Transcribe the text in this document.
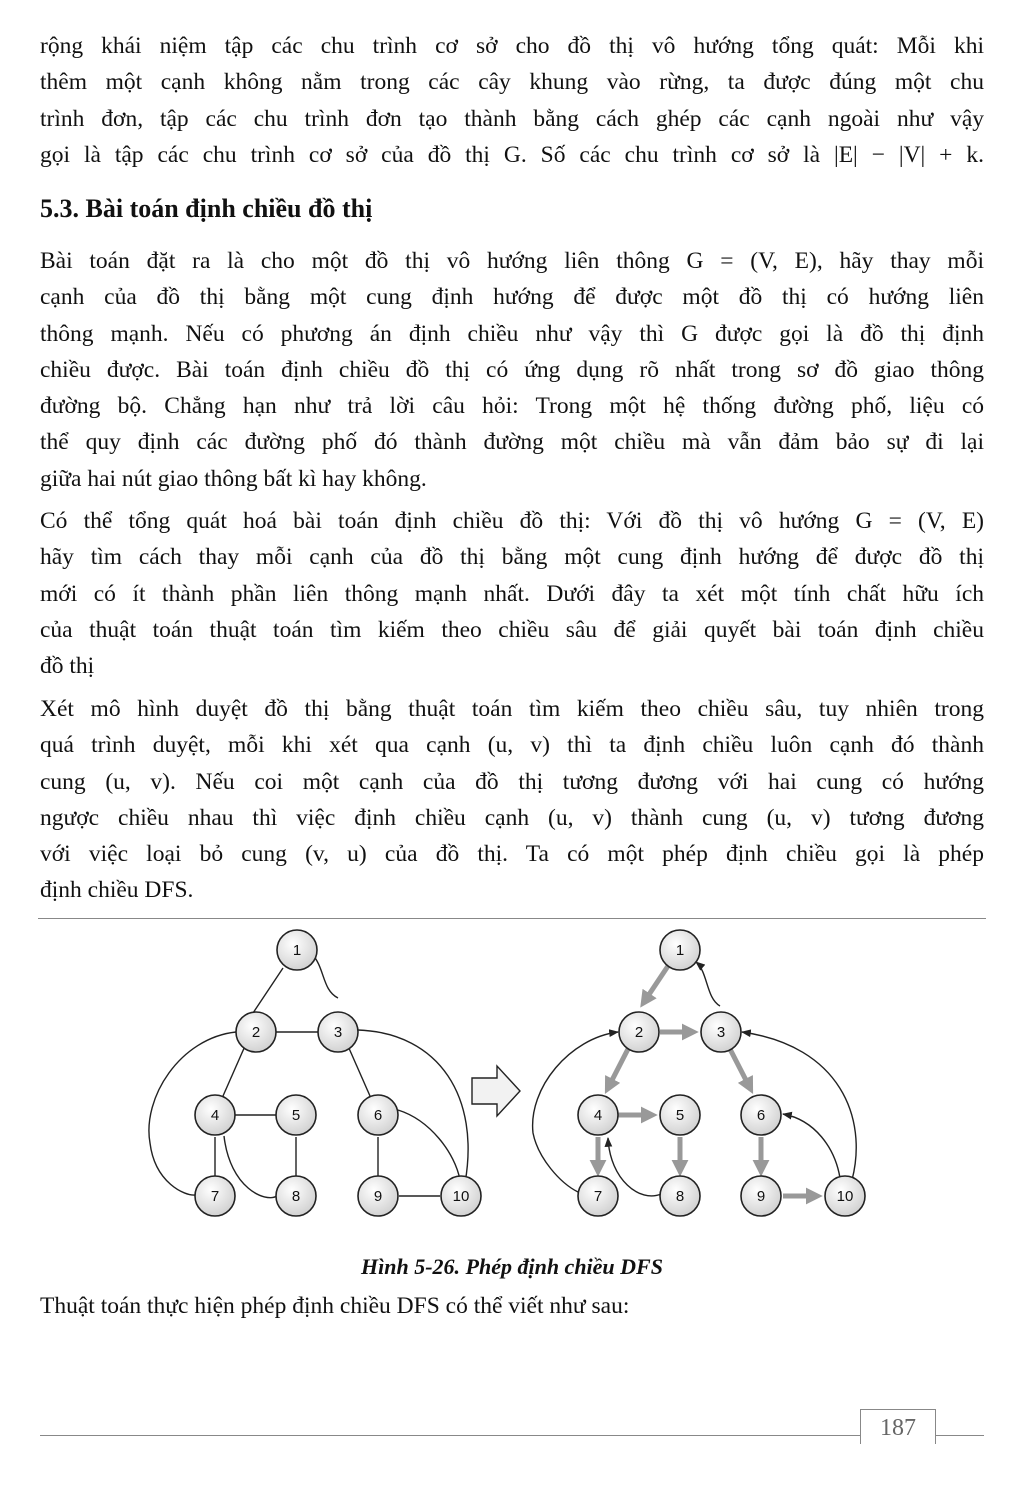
rộng khái niệm tập các chu trình cơ sở cho đồ thị vô hướng tổng quát: Mỗi khi
thêm một cạnh không nằm trong các cây khung vào rừng, ta được đúng một chu
trình đơn, tập các chu trình đơn tạo thành bằng cách ghép các cạnh ngoài như vậy
gọi là tập các chu trình cơ sở của đồ thị G. Số các chu trình cơ sở là |E| − |V| + k.
5.3. Bài toán định chiều đồ thị
Bài toán đặt ra là cho một đồ thị vô hướng liên thông G = (V, E), hãy thay mỗi
cạnh của đồ thị bằng một cung định hướng để được một đồ thị có hướng liên
thông mạnh. Nếu có phương án định chiều như vậy thì G được gọi là đồ thị định
chiều được. Bài toán định chiều đồ thị có ứng dụng rõ nhất trong sơ đồ giao thông
đường bộ. Chẳng hạn như trả lời câu hỏi: Trong một hệ thống đường phố, liệu có
thể quy định các đường phố đó thành đường một chiều mà vẫn đảm bảo sự đi lại
giữa hai nút giao thông bất kì hay không.
Có thể tổng quát hoá bài toán định chiều đồ thị: Với đồ thị vô hướng G = (V, E)
hãy tìm cách thay mỗi cạnh của đồ thị bằng một cung định hướng để được đồ thị
mới có ít thành phần liên thông mạnh nhất. Dưới đây ta xét một tính chất hữu ích
của thuật toán thuật toán tìm kiếm theo chiều sâu để giải quyết bài toán định chiều
đồ thị
Xét mô hình duyệt đồ thị bằng thuật toán tìm kiếm theo chiều sâu, tuy nhiên trong
quá trình duyệt, mỗi khi xét qua cạnh (u, v) thì ta định chiều luôn cạnh đó thành
cung (u, v). Nếu coi một cạnh của đồ thị tương đương với hai cung có hướng
ngược chiều nhau thì việc định chiều cạnh (u, v) thành cung (u, v) tương đương
với việc loại bỏ cung (v, u) của đồ thị. Ta có một phép định chiều gọi là phép
định chiều DFS.
1
2	3
4	5	6
7	8	9	10
1
2	3
4	5	6
7	8	9	10
Hình 5-26. Phép định chiều DFS
Thuật toán thực hiện phép định chiều DFS có thể viết như sau:
187
